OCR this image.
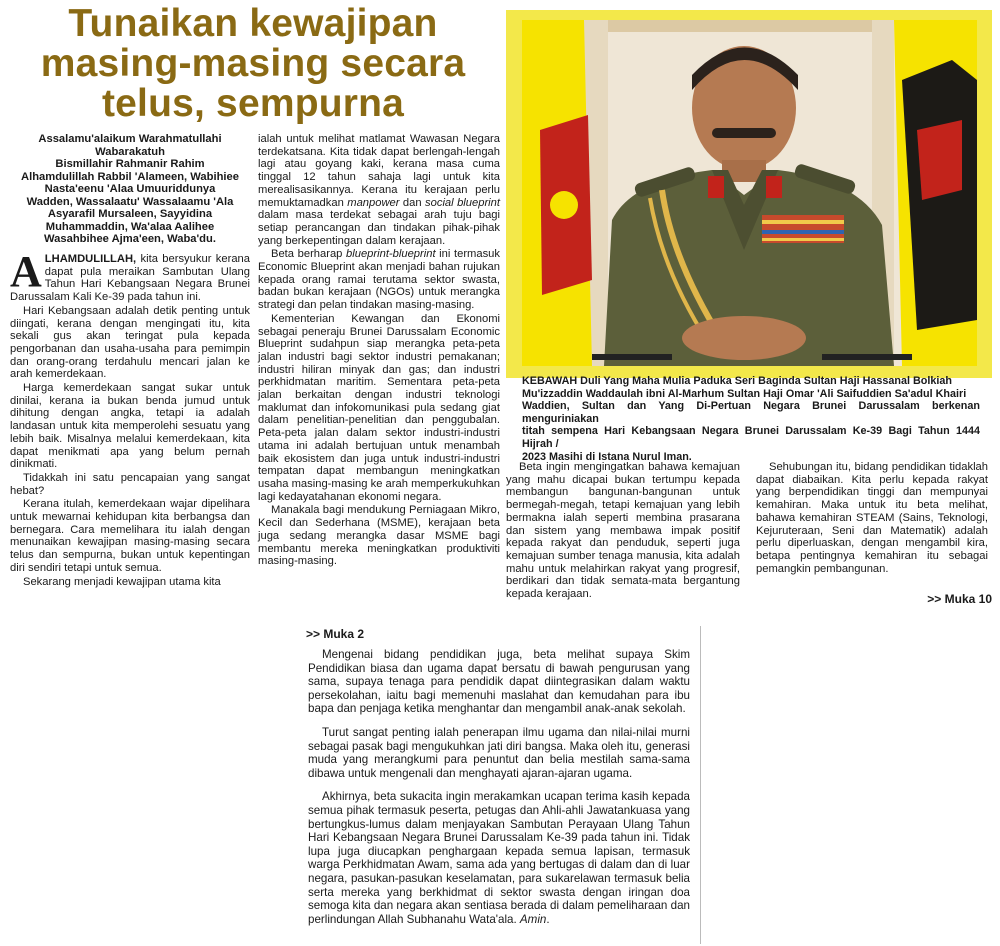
Tunaikan kewajipan
masing-masing secara
telus, sempurna
Assalamu'alaikum Warahmatullahi
Wabarakatuh
Bismillahir Rahmanir Rahim
Alhamdulillah Rabbil 'Alameen, Wabihiee
Nasta'eenu 'Alaa Umuuriddunya
Wadden, Wassalaatu' Wassalaamu 'Ala
Asyarafil Mursaleen, Sayyidina
Muhammaddin, Wa'alaa Aalihee
Wasahbihee Ajma'een, Waba'du.

ALHAMDULILLAH, kita bersyukur kerana dapat pula meraikan Sambutan Ulang Tahun Hari Kebangsaan Negara Brunei Darussalam Kali Ke-39 pada tahun ini.

Hari Kebangsaan adalah detik penting untuk diingati, kerana dengan mengingati itu, kita sekali gus akan teringat pula kepada pengorbanan dan usaha-usaha para pemimpin dan orang-orang terdahulu mencari jalan ke arah kemerdekaan.

Harga kemerdekaan sangat sukar untuk dinilai, kerana ia bukan benda jumud untuk dihitung dengan angka, tetapi ia adalah landasan untuk kita memperolehi sesuatu yang lebih baik. Misalnya melalui kemerdekaan, kita dapat menikmati apa yang belum pernah dinikmati.

Tidakkah ini satu pencapaian yang sangat hebat?

Kerana itulah, kemerdekaan wajar dipelihara untuk mewarnai kehidupan kita berbangsa dan bernegara. Cara memelihara itu ialah dengan menunaikan kewajipan masing-masing secara telus dan sempurna, bukan untuk kepentingan diri sendiri tetapi untuk semua.

Sekarang menjadi kewajipan utama kita

ialah untuk melihat matlamat Wawasan Negara terdekatsana. Kita tidak dapat berlengah-lengah lagi atau goyang kaki, kerana masa cuma tinggal 12 tahun sahaja lagi untuk kita merealisasikannya. Kerana itu kerajaan perlu memuktamadkan manpower dan social blueprint dalam masa terdekat sebagai arah tuju bagi setiap perancangan dan tindakan pihak-pihak yang berkepentingan dalam kerajaan.

Beta berharap blueprint-blueprint ini termasuk Economic Blueprint akan menjadi bahan rujukan kepada orang ramai terutama sektor swasta, badan bukan kerajaan (NGOs) untuk merangka strategi dan pelan tindakan masing-masing.

Kementerian Kewangan dan Ekonomi sebagai peneraju Brunei Darussalam Economic Blueprint sudahpun siap merangka peta-peta jalan industri bagi sektor industri pemakanan; industri hiliran minyak dan gas; dan industri perkhidmatan maritim. Sementara peta-peta jalan berkaitan dengan industri teknologi maklumat dan infokomunikasi pula sedang giat dalam penelitian-penelitian dan penggubalan. Peta-peta jalan dalam sektor industri-industri utama ini adalah bertujuan untuk menambah baik ekosistem dan juga untuk industri-industri tempatan dapat membangun meningkatkan usaha masing-masing ke arah memperkukuhkan lagi kedayatahanan ekonomi negara.

Manakala bagi mendukung Perniagaan Mikro, Kecil dan Sederhana (MSME), kerajaan beta juga sedang merangka dasar MSME bagi membantu mereka meningkatkan produktiviti masing-masing.

KEBAWAH Duli Yang Maha Mulia Paduka Seri Baginda Sultan Haji Hassanal Bolkiah
Mu'izzaddin Waddaulah ibni Al-Marhum Sultan Haji Omar 'Ali Saifuddien Sa'adul Khairi
Waddien, Sultan dan Yang Di-Pertuan Negara Brunei Darussalam berkenan menguriniakan
titah sempena Hari Kebangsaan Negara Brunei Darussalam Ke-39 Bagi Tahun 1444 Hijrah /
2023 Masihi di Istana Nurul Iman.

Beta ingin mengingatkan bahawa kemajuan yang mahu dicapai bukan tertumpu kepada membangun bangunan-bangunan untuk bermegah-megah, tetapi kemajuan yang lebih bermakna ialah seperti membina prasarana dan sistem yang membawa impak positif kepada rakyat dan penduduk, seperti juga kemajuan sumber tenaga manusia, kita adalah mahu untuk melahirkan rakyat yang progresif, berdikari dan tidak semata-mata bergantung kepada kerajaan.

Sehubungan itu, bidang pendidikan tidaklah dapat diabaikan. Kita perlu kepada rakyat yang berpendidikan tinggi dan mempunyai kemahiran. Maka untuk itu beta melihat, bahawa kemahiran STEAM (Sains, Teknologi, Kejuruteraan, Seni dan Matematik) adalah perlu diperluaskan, dengan mengambil kira, betapa pentingnya kemahiran itu sebagai pemangkin pembangunan.

>> Muka 10
>> Muka 2

Mengenai bidang pendidikan juga, beta melihat supaya Skim Pendidikan biasa dan ugama dapat bersatu di bawah pengurusan yang sama, supaya tenaga para pendidik dapat diintegrasikan dalam waktu persekolahan, iaitu bagi memenuhi maslahat dan kemudahan para ibu bapa dan penjaga ketika menghantar dan mengambil anak-anak sekolah.

Turut sangat penting ialah penerapan ilmu ugama dan nilai-nilai murni sebagai pasak bagi mengukuhkan jati diri bangsa. Maka oleh itu, generasi muda yang merangkumi para penuntut dan belia mestilah sama-sama dibawa untuk mengenali dan menghayati ajaran-ajaran ugama.

Akhirnya, beta sukacita ingin merakamkan ucapan terima kasih kepada semua pihak termasuk peserta, petugas dan Ahli-ahli Jawatankuasa yang bertungkus-lumus dalam menjayakan Sambutan Perayaan Ulang Tahun Hari Kebangsaan Negara Brunei Darussalam Ke-39 pada tahun ini. Tidak lupa juga diucapkan penghargaan kepada semua lapisan, termasuk warga Perkhidmatan Awam, sama ada yang bertugas di dalam dan di luar negara, pasukan-pasukan keselamatan, para sukarelawan termasuk belia serta mereka yang berkhidmat di sektor swasta dengan iringan doa semoga kita dan negara akan sentiasa berada di dalam pemeliharaan dan perlindungan Allah Subhanahu Wata'ala. Amin.
